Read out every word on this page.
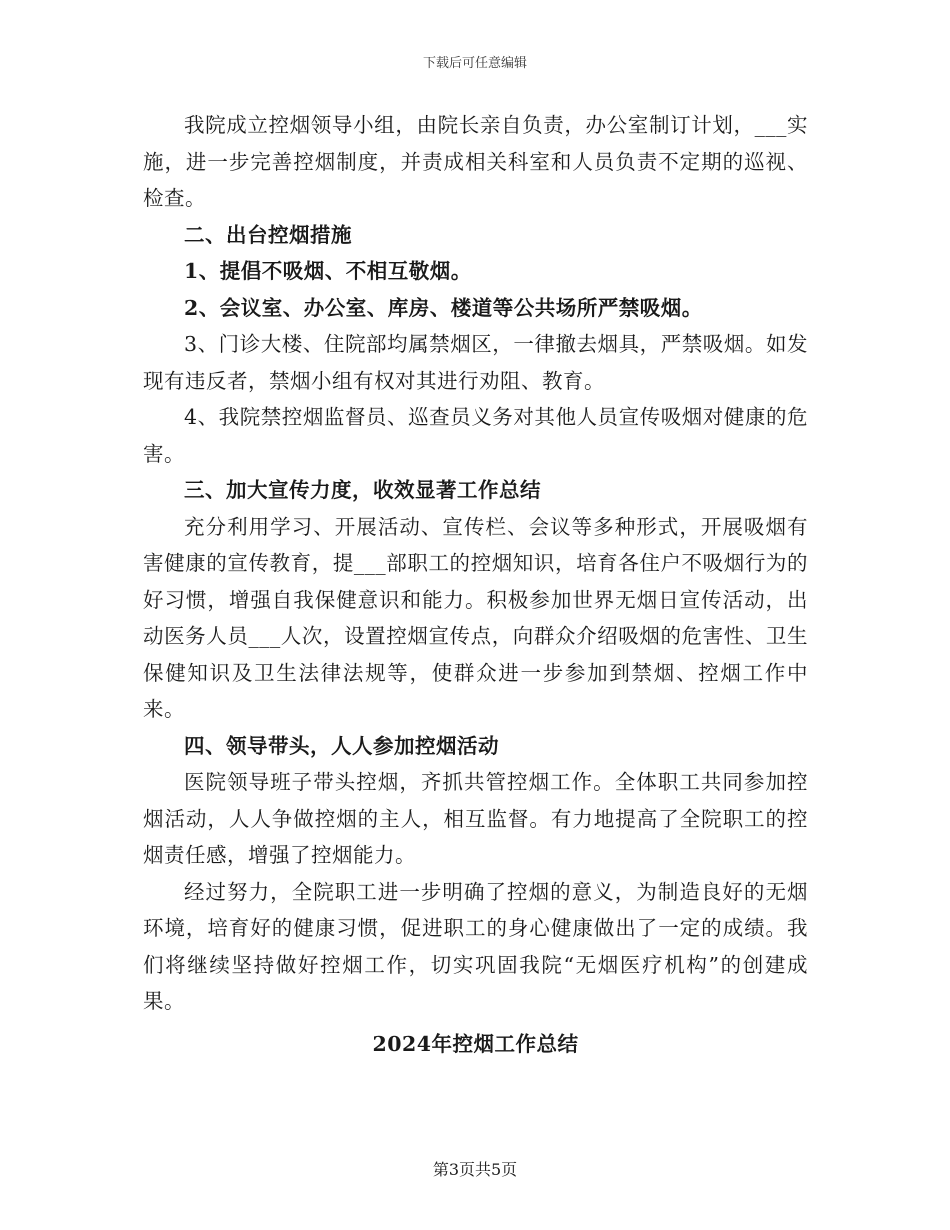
下载后可任意编辑

我院成立控烟领导小组，由院长亲自负责，办公室制订计划，___实施，进一步完善控烟制度，并责成相关科室和人员负责不定期的巡视、检查。

二、出台控烟措施

1、提倡不吸烟、不相互敬烟。

2、会议室、办公室、库房、楼道等公共场所严禁吸烟。

3、门诊大楼、住院部均属禁烟区，一律撤去烟具，严禁吸烟。如发现有违反者，禁烟小组有权对其进行劝阻、教育。

4、我院禁控烟监督员、巡查员义务对其他人员宣传吸烟对健康的危害。

三、加大宣传力度，收效显著工作总结

充分利用学习、开展活动、宣传栏、会议等多种形式，开展吸烟有害健康的宣传教育，提___部职工的控烟知识，培育各住户不吸烟行为的好习惯，增强自我保健意识和能力。积极参加世界无烟日宣传活动，出动医务人员___人次，设置控烟宣传点，向群众介绍吸烟的危害性、卫生保健知识及卫生法律法规等，使群众进一步参加到禁烟、控烟工作中来。

四、领导带头，人人参加控烟活动

医院领导班子带头控烟，齐抓共管控烟工作。全体职工共同参加控烟活动，人人争做控烟的主人，相互监督。有力地提高了全院职工的控烟责任感，增强了控烟能力。

经过努力，全院职工进一步明确了控烟的意义，为制造良好的无烟环境，培育好的健康习惯，促进职工的身心健康做出了一定的成绩。我们将继续坚持做好控烟工作，切实巩固我院“无烟医疗机构”的创建成果。

2024年控烟工作总结

第3页共5页
